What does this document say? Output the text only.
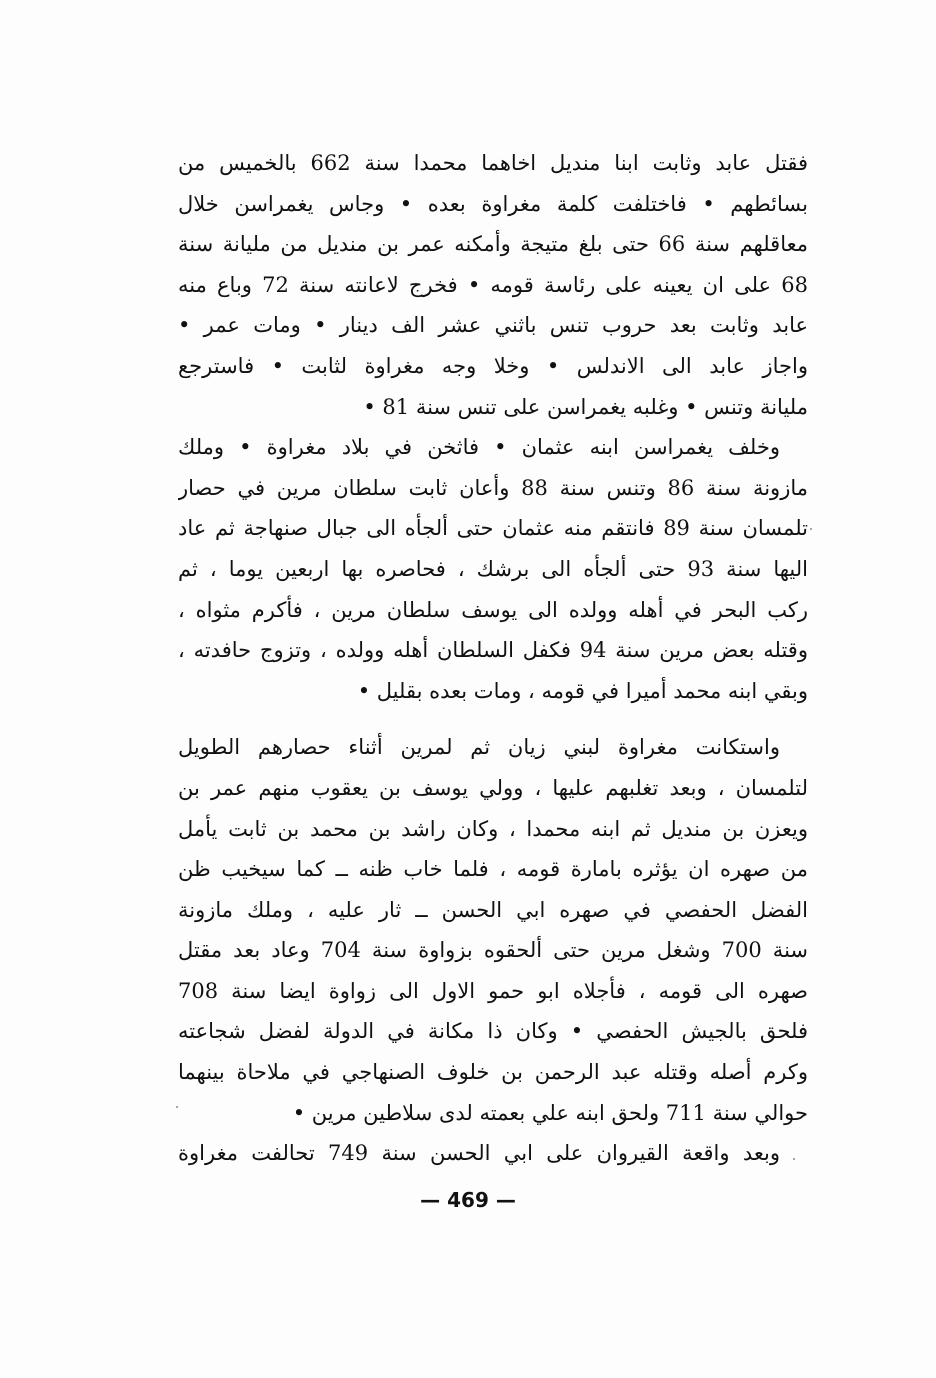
فقتل عابد وثابت ابنا منديل اخاهما محمدا سنة 662 بالخميس من
بسائطهم • فاختلفت كلمة مغراوة بعده • وجاس يغمراسن خلال
معاقلهم سنة 66 حتى بلغ متيجة وأمكنه عمر بن منديل من مليانة سنة
68 على ان يعينه على رئاسة قومه • فخرج لاعانته سنة 72 وباع منه
عابد وثابت بعد حروب تنس باثني عشر الف دينار • ومات عمر •
واجاز عابد الى الاندلس • وخلا وجه مغراوة لثابت • فاسترجع
مليانة وتنس • وغلبه يغمراسن على تنس سنة 81 •
وخلف يغمراسن ابنه عثمان • فاثخن في بلاد مغراوة • وملك
مازونة سنة 86 وتنس سنة 88 وأعان ثابت سلطان مرين في حصار
تلمسان سنة 89 فانتقم منه عثمان حتى ألجأه الى جبال صنهاجة ثم عاد
اليها سنة 93 حتى ألجأه الى برشك ، فحاصره بها اربعين يوما ، ثم
ركب البحر في أهله وولده الى يوسف سلطان مرين ، فأكرم مثواه ،
وقتله بعض مرين سنة 94 فكفل السلطان أهله وولده ، وتزوج حافدته ،
وبقي ابنه محمد أميرا في قومه ، ومات بعده بقليل •
واستكانت مغراوة لبني زيان ثم لمرين أثناء حصارهم الطويل
لتلمسان ، وبعد تغلبهم عليها ، وولي يوسف بن يعقوب منهم عمر بن
ويعزن بن منديل ثم ابنه محمدا ، وكان راشد بن محمد بن ثابت يأمل
من صهره ان يؤثره بامارة قومه ، فلما خاب ظنه ــ كما سيخيب ظن
الفضل الحفصي في صهره ابي الحسن ــ ثار عليه ، وملك مازونة
سنة 700 وشغل مرين حتى ألحقوه بزواوة سنة 704 وعاد بعد مقتل
صهره الى قومه ، فأجلاه ابو حمو الاول الى زواوة ايضا سنة 708
فلحق بالجيش الحفصي • وكان ذا مكانة في الدولة لفضل شجاعته
وكرم أصله وقتله عبد الرحمن بن خلوف الصنهاجي في ملاحاة بينهما
حوالي سنة 711 ولحق ابنه علي بعمته لدى سلاطين مرين •
وبعد واقعة القيروان على ابي الحسن سنة 749 تحالفت مغراوة
— 469 —
